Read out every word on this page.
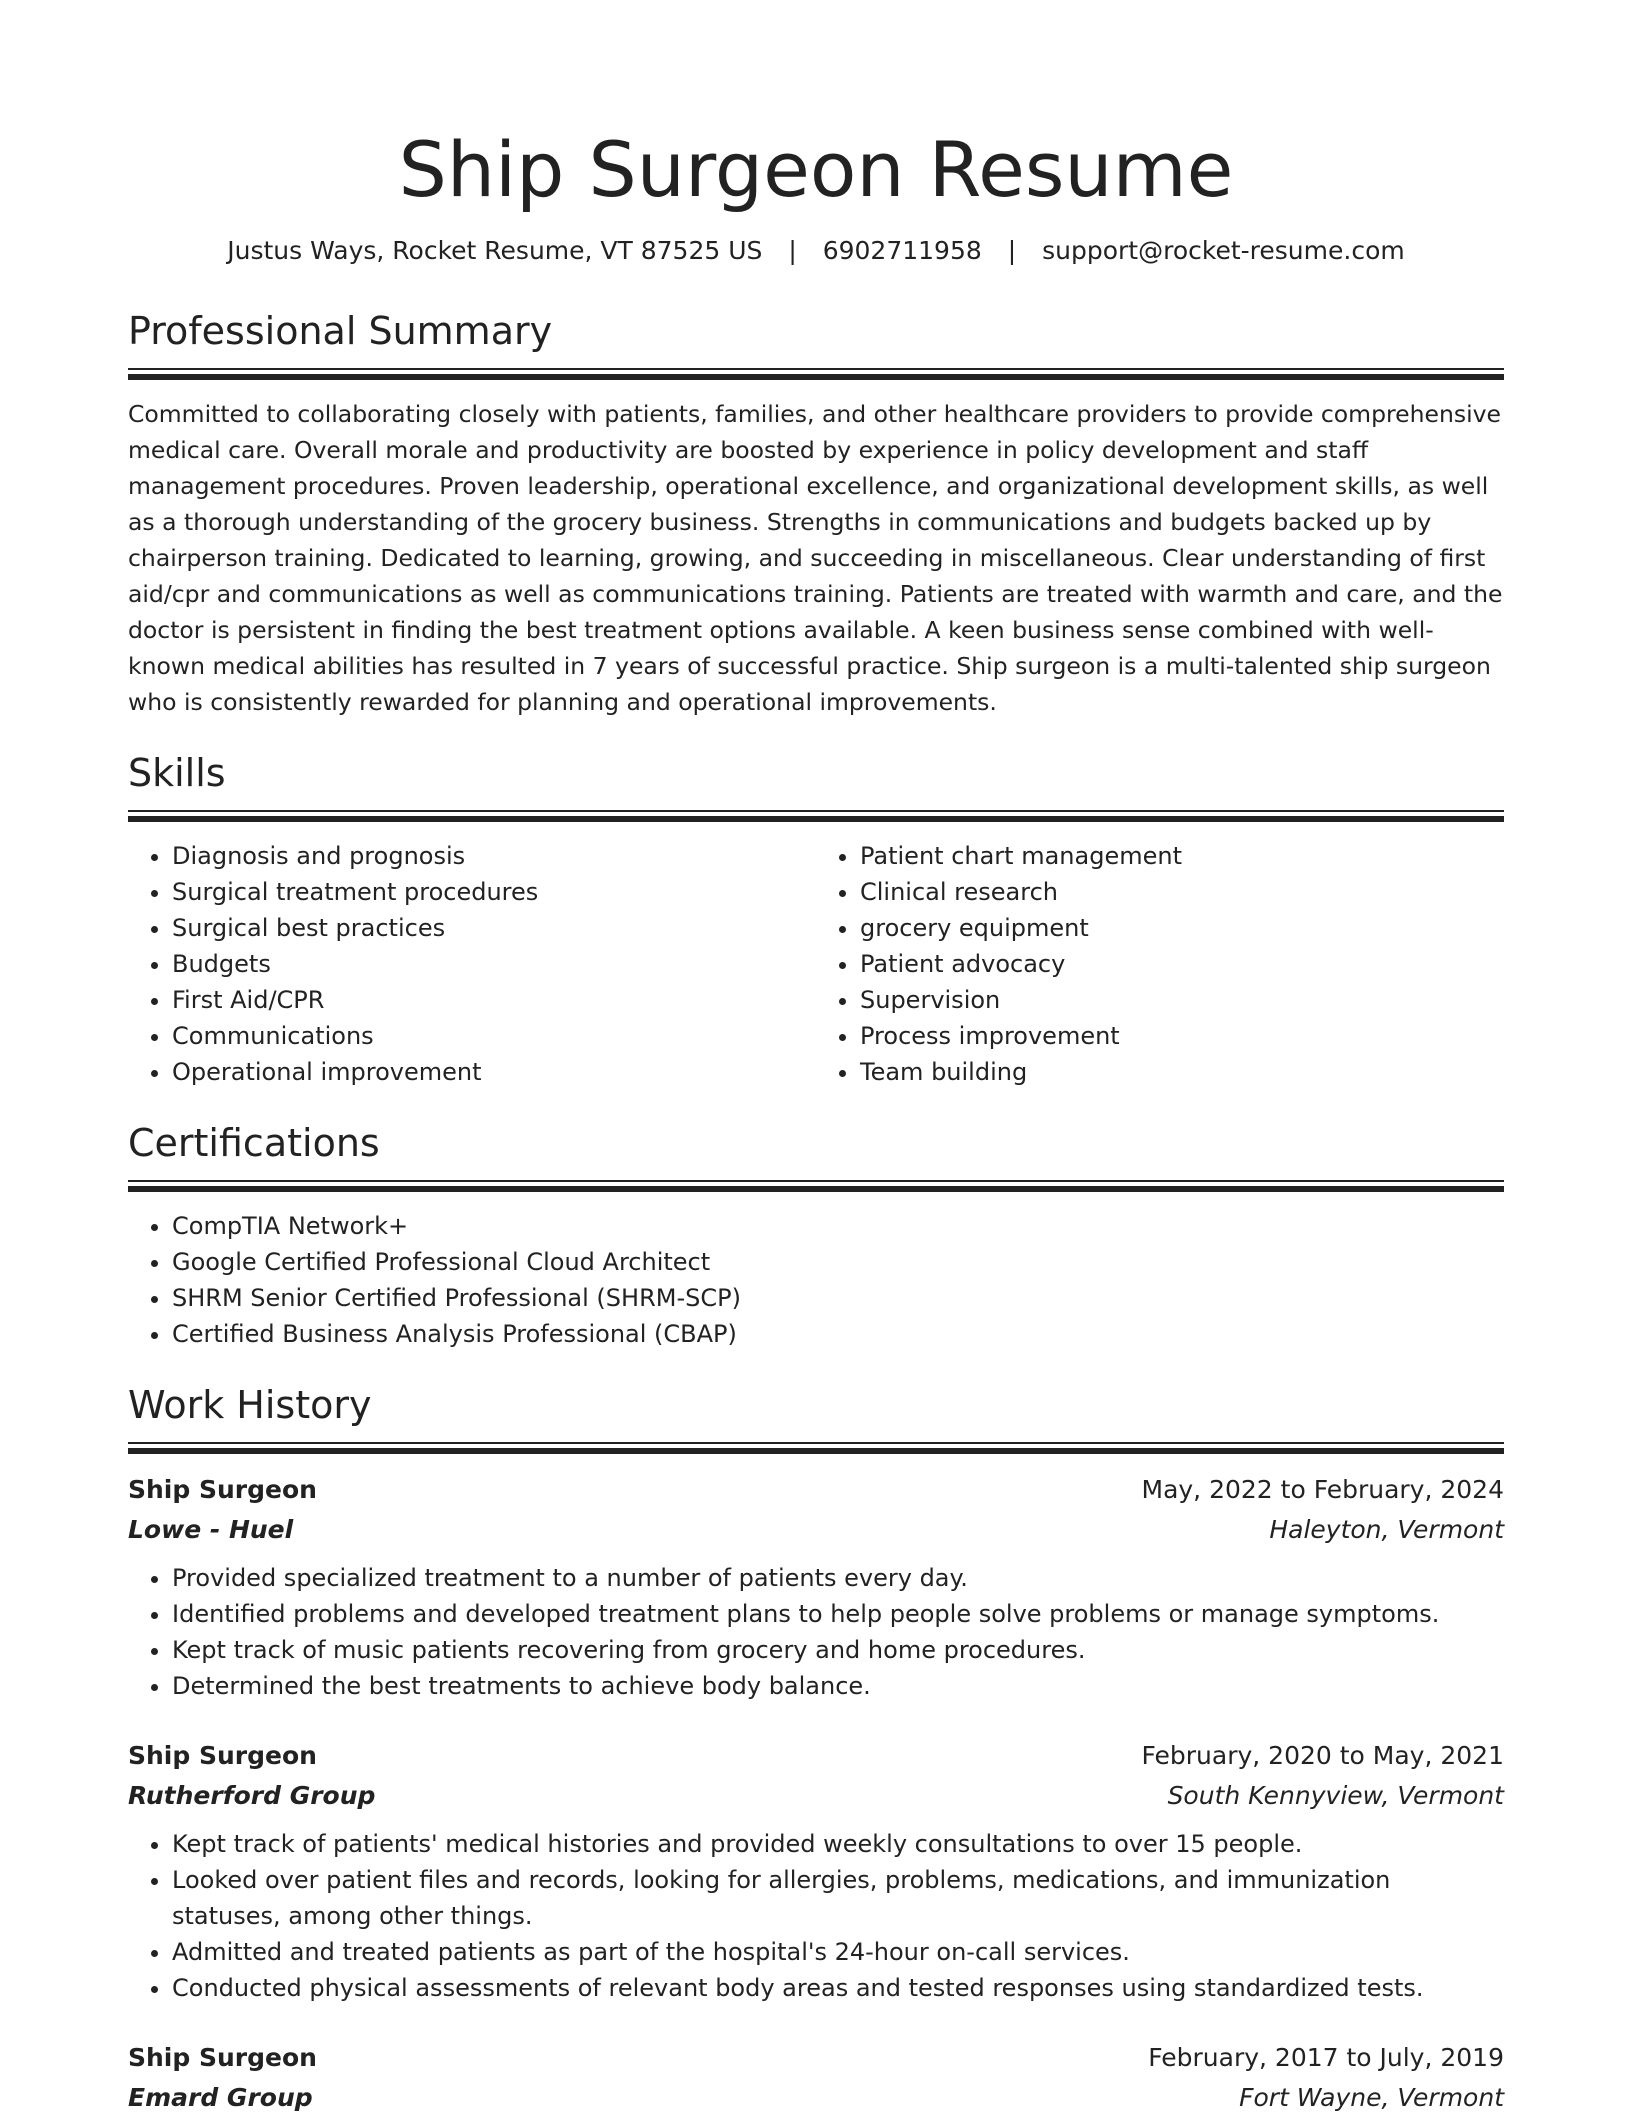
Ship Surgeon Resume
Justus Ways, Rocket Resume, VT 87525 US | 6902711958 | support@rocket-resume.com
Professional Summary

Committed to collaborating closely with patients, families, and other healthcare providers to provide comprehensive medical care. Overall morale and productivity are boosted by experience in policy development and staff management procedures. Proven leadership, operational excellence, and organizational development skills, as well as a thorough understanding of the grocery business. Strengths in communications and budgets backed up by chairperson training. Dedicated to learning, growing, and succeeding in miscellaneous. Clear understanding of first aid/cpr and communications as well as communications training. Patients are treated with warmth and care, and the doctor is persistent in finding the best treatment options available. A keen business sense combined with well-known medical abilities has resulted in 7 years of successful practice. Ship surgeon is a multi-talented ship surgeon who is consistently rewarded for planning and operational improvements.

Skills
• Diagnosis and prognosis
• Surgical treatment procedures
• Surgical best practices
• Budgets
• First Aid/CPR
• Communications
• Operational improvement
• Patient chart management
• Clinical research
• grocery equipment
• Patient advocacy
• Supervision
• Process improvement
• Team building
Certifications
• CompTIA Network+
• Google Certified Professional Cloud Architect
• SHRM Senior Certified Professional (SHRM-SCP)
• Certified Business Analysis Professional (CBAP)
Work History
Ship Surgeon	May, 2022 to February, 2024
Lowe - Huel	Haleyton, Vermont
• Provided specialized treatment to a number of patients every day.
• Identified problems and developed treatment plans to help people solve problems or manage symptoms.
• Kept track of music patients recovering from grocery and home procedures.
• Determined the best treatments to achieve body balance.
Ship Surgeon	February, 2020 to May, 2021
Rutherford Group	South Kennyview, Vermont
• Kept track of patients' medical histories and provided weekly consultations to over 15 people.
• Looked over patient files and records, looking for allergies, problems, medications, and immunization statuses, among other things.
• Admitted and treated patients as part of the hospital's 24-hour on-call services.
• Conducted physical assessments of relevant body areas and tested responses using standardized tests.
Ship Surgeon	February, 2017 to July, 2019
Emard Group	Fort Wayne, Vermont
